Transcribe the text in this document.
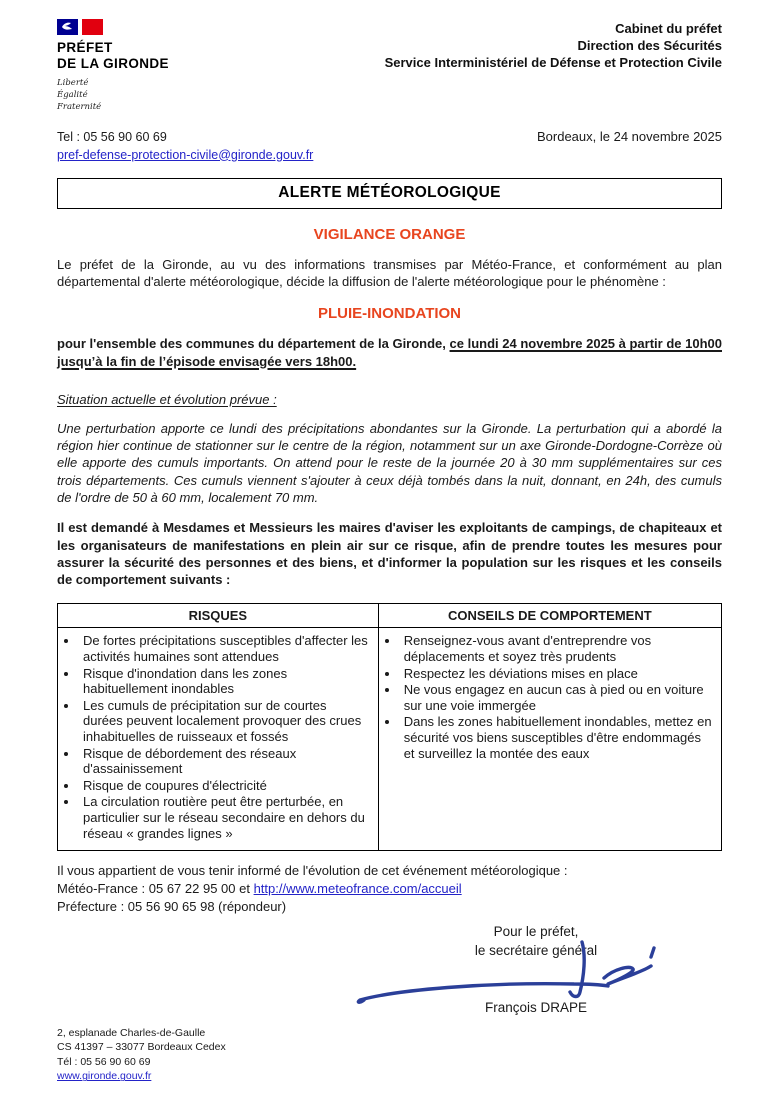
PRÉFET
DE LA GIRONDE
Liberté
Égalité
Fraternité
Cabinet du préfet
Direction des Sécurités
Service Interministériel de Défense et Protection Civile
Tel : 05 56 90 60 69
pref-defense-protection-civile@gironde.gouv.fr
Bordeaux, le 24 novembre 2025
ALERTE MÉTÉOROLOGIQUE
VIGILANCE ORANGE

Le préfet de la Gironde, au vu des informations transmises par Météo-France, et conformément au plan départemental d'alerte météorologique, décide la diffusion de l'alerte météorologique pour le phénomène :

PLUIE-INONDATION

pour l'ensemble des communes du département de la Gironde, ce lundi 24 novembre 2025 à partir de 10h00 jusqu’à la fin de l’épisode envisagée vers 18h00.

Situation actuelle et évolution prévue :

Une perturbation apporte ce lundi des précipitations abondantes sur la Gironde. La perturbation qui a abordé la région hier continue de stationner sur le centre de la région, notamment sur un axe Gironde-Dordogne-Corrèze où elle apporte des cumuls importants. On attend pour le reste de la journée 20 à 30 mm supplémentaires sur ces trois départements. Ces cumuls viennent s'ajouter à ceux déjà tombés dans la nuit, donnant, en 24h, des cumuls de l'ordre de 50 à 60 mm, localement 70 mm.

Il est demandé à Mesdames et Messieurs les maires d'aviser les exploitants de campings, de chapiteaux et les organisateurs de manifestations en plein air sur ce risque, afin de prendre toutes les mesures pour assurer la sécurité des personnes et des biens, et d'informer la population sur les risques et les conseils de comportement suivants :

RISQUES	CONSEILS DE COMPORTEMENT

• De fortes précipitations susceptibles d'affecter les activités humaines sont attendues
• Risque d'inondation dans les zones habituellement inondables
• Les cumuls de précipitation sur de courtes durées peuvent localement provoquer des crues inhabituelles de ruisseaux et fossés
• Risque de débordement des réseaux d'assainissement
• Risque de coupures d'électricité
• La circulation routière peut être perturbée, en particulier sur le réseau secondaire en dehors du réseau « grandes lignes »

• Renseignez-vous avant d'entreprendre vos déplacements et soyez très prudents
• Respectez les déviations mises en place
• Ne vous engagez en aucun cas à pied ou en voiture sur une voie immergée
• Dans les zones habituellement inondables, mettez en sécurité vos biens susceptibles d'être endommagés et surveillez la montée des eaux
Il vous appartient de vous tenir informé de l'évolution de cet événement météorologique :
Météo-France : 05 67 22 95 00 et http://www.meteofrance.com/accueil
Préfecture : 05 56 90 65 98 (répondeur)
Pour le préfet,
le secrétaire général
François DRAPE
2, esplanade Charles-de-Gaulle
CS 41397 – 33077 Bordeaux Cedex
Tél : 05 56 90 60 69
www.gironde.gouv.fr
